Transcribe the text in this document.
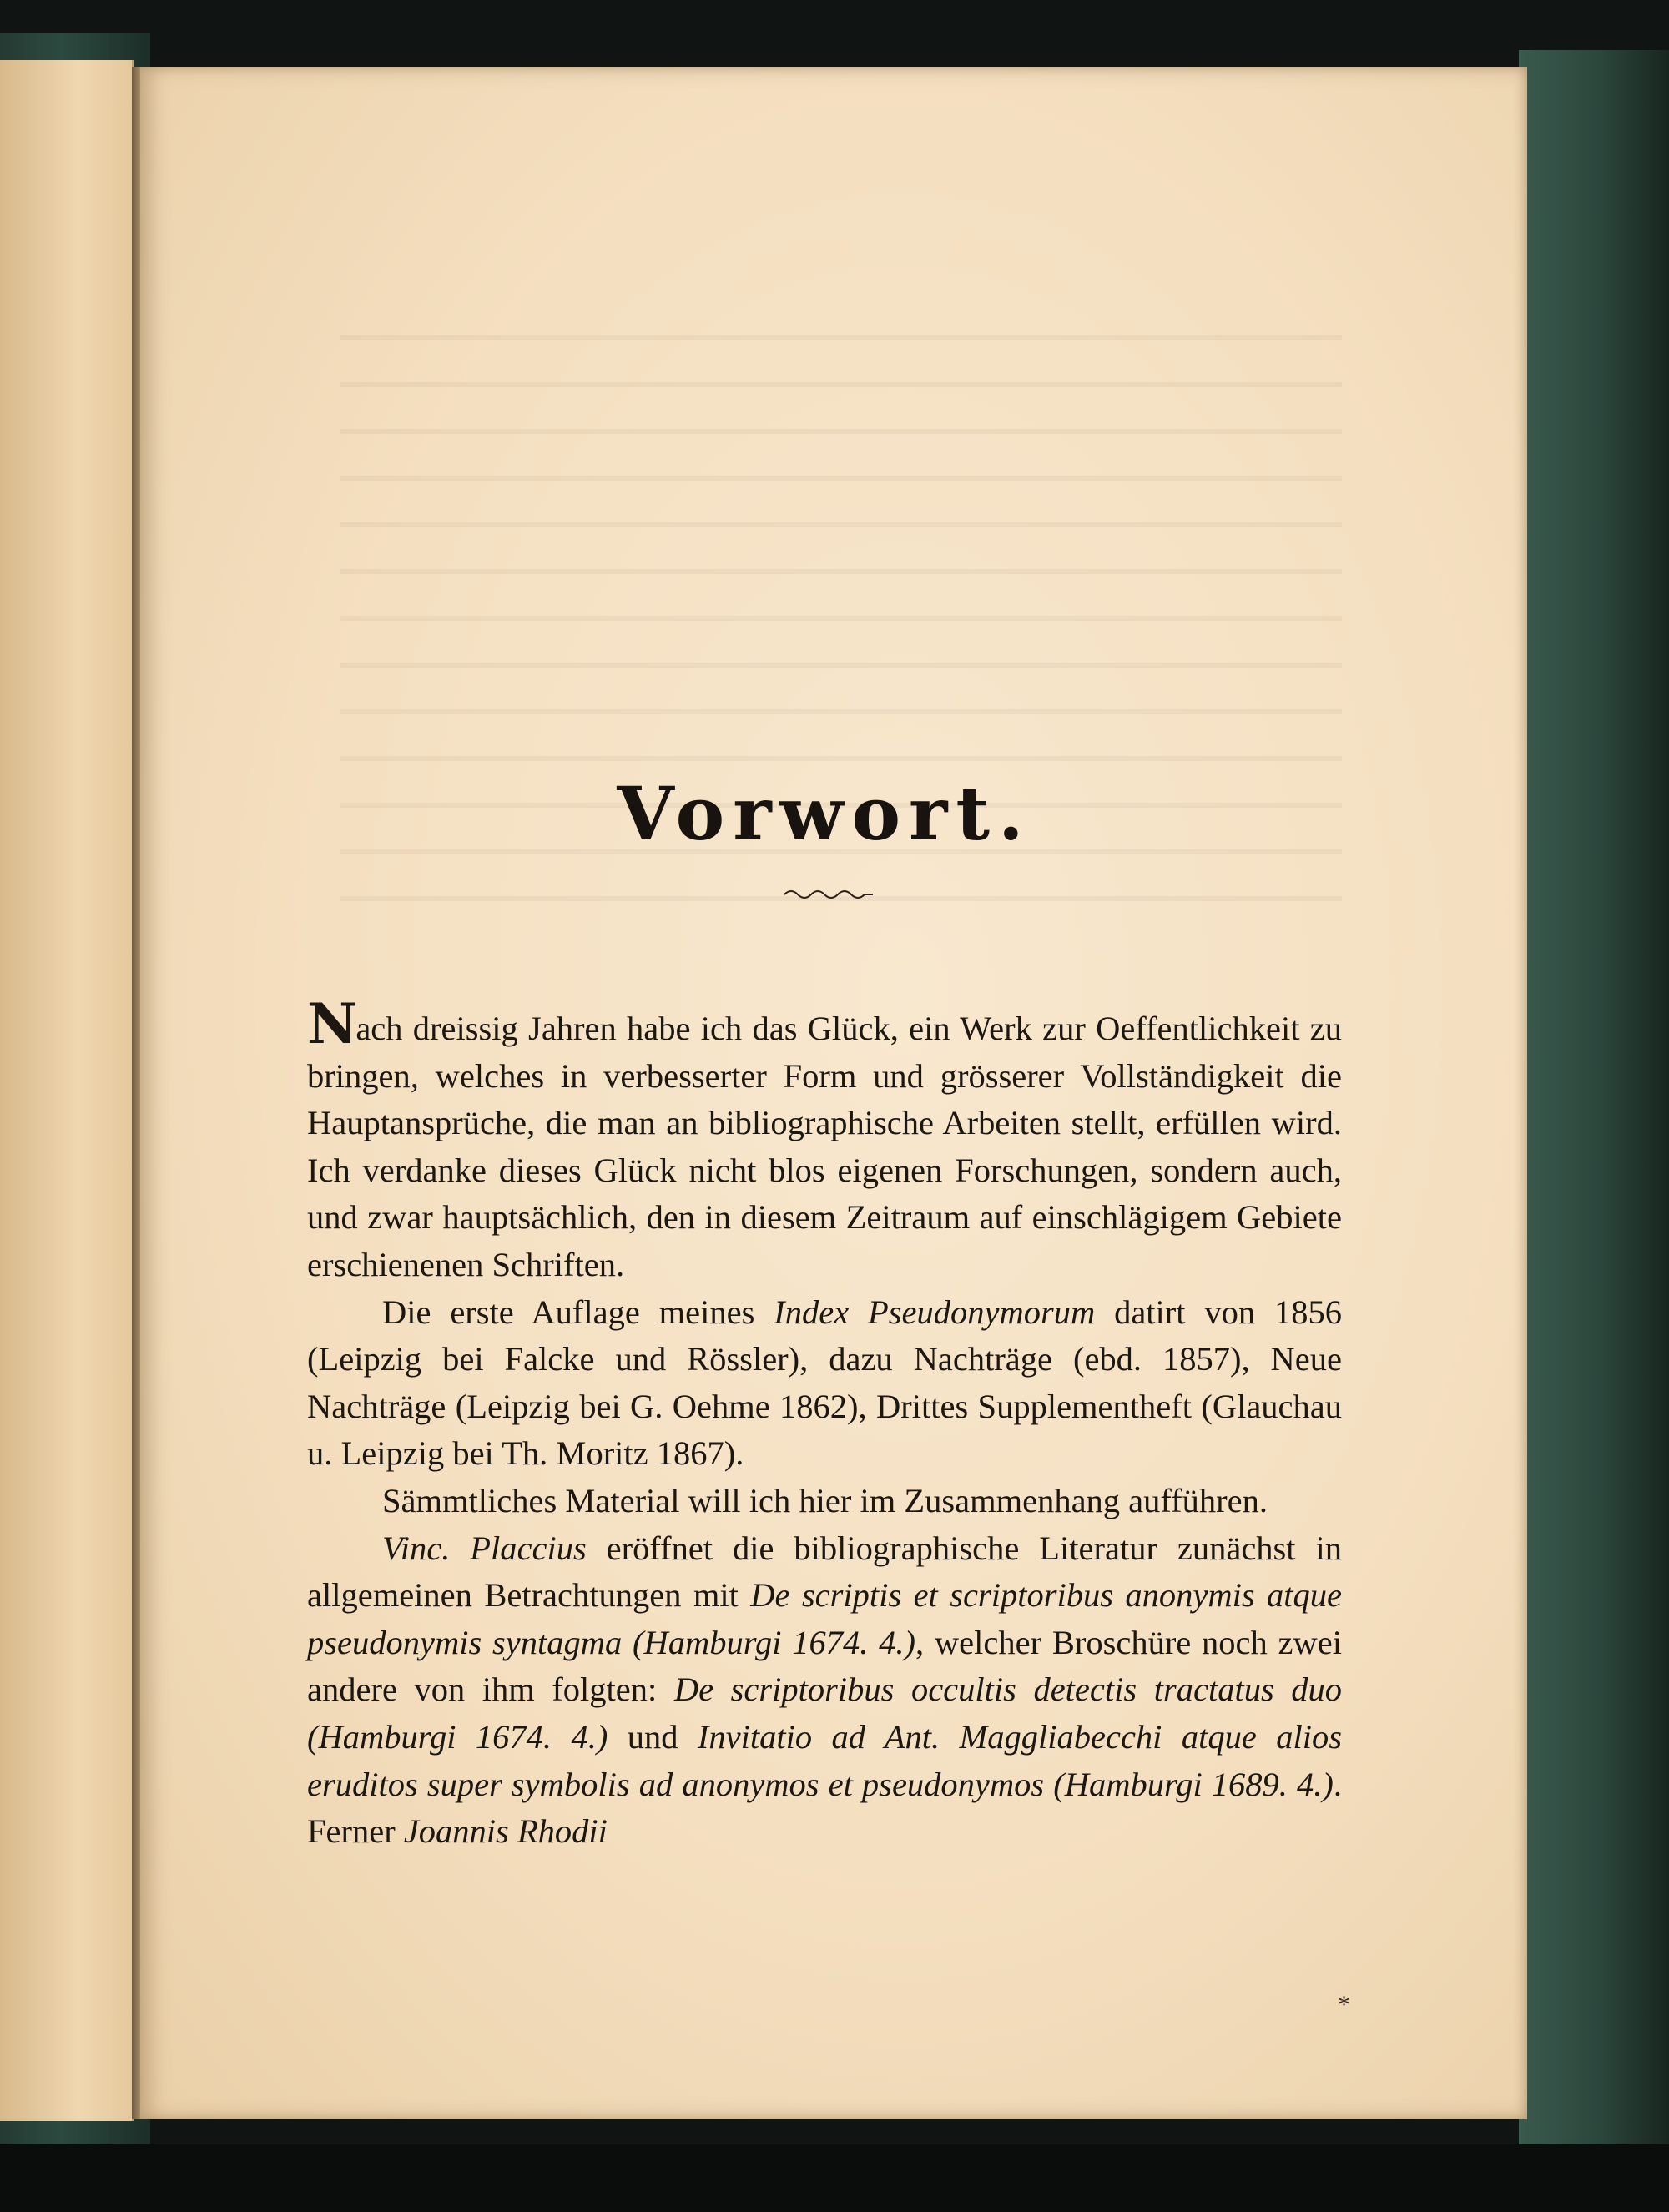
Vorwort.

Nach dreissig Jahren habe ich das Glück, ein Werk zur Oeffentlichkeit zu bringen, welches in verbesserter Form und grösserer Vollständigkeit die Hauptansprüche, die man an bibliographische Arbeiten stellt, erfüllen wird. Ich verdanke dieses Glück nicht blos eigenen Forschungen, sondern auch, und zwar hauptsächlich, den in diesem Zeitraum auf einschlägigem Gebiete erschienenen Schriften.

Die erste Auflage meines Index Pseudonymorum datirt von 1856 (Leipzig bei Falcke und Rössler), dazu Nachträge (ebd. 1857), Neue Nachträge (Leipzig bei G. Oehme 1862), Drittes Supplementheft (Glauchau u. Leipzig bei Th. Moritz 1867).

Sämmtliches Material will ich hier im Zusammenhang aufführen.

Vinc. Placcius eröffnet die bibliographische Literatur zunächst in allgemeinen Betrachtungen mit De scriptis et scriptoribus anonymis atque pseudonymis syntagma (Hamburgi 1674. 4.), welcher Broschüre noch zwei andere von ihm folgten: De scriptoribus occultis detectis tractatus duo (Hamburgi 1674. 4.) und Invitatio ad Ant. Maggliabecchi atque alios eruditos super symbolis ad anonymos et pseudonymos (Hamburgi 1689. 4.). Ferner Joannis Rhodii

*
